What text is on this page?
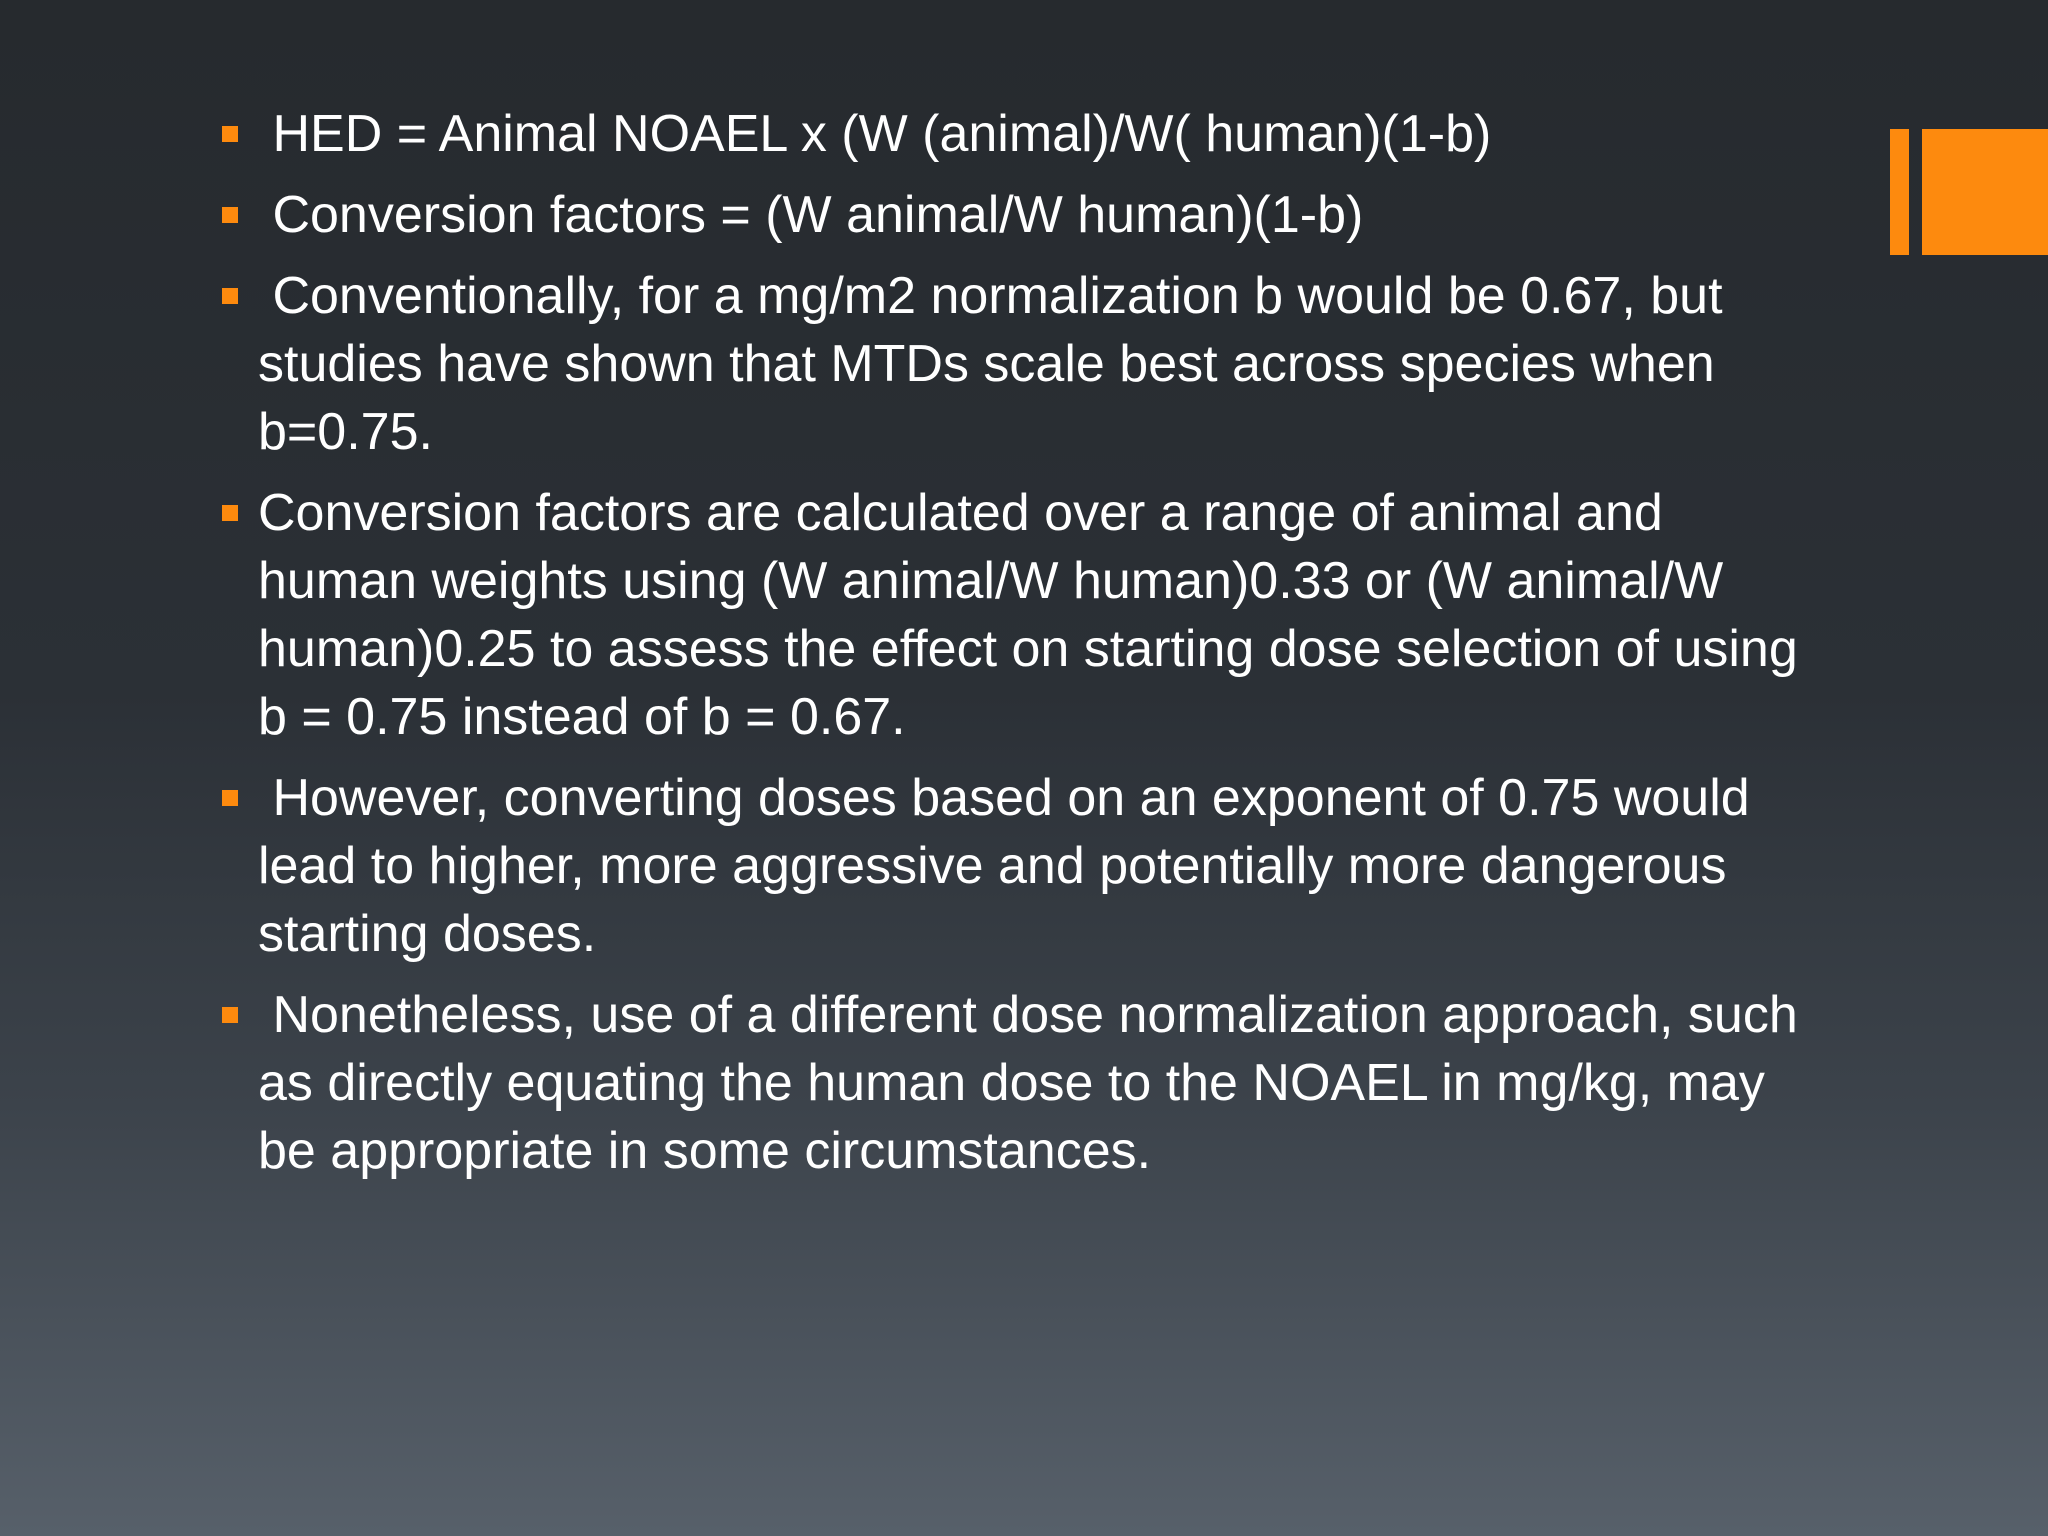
HED = Animal NOAEL x (W (animal)/W( human)(1-b)
Conversion factors = (W animal/W human)(1-b)
Conventionally, for a mg/m2 normalization b would be 0.67, but studies have shown that MTDs scale best across species when b=0.75.
Conversion factors are calculated over a range of animal and human weights using (W animal/W human)0.33 or (W animal/W human)0.25 to assess the effect on starting dose selection of using b = 0.75 instead of b = 0.67.
However, converting doses based on an exponent of 0.75 would lead to higher, more aggressive and potentially more dangerous starting doses.
Nonetheless, use of a different dose normalization approach, such as directly equating the human dose to the NOAEL in mg/kg, may be appropriate in some circumstances.
